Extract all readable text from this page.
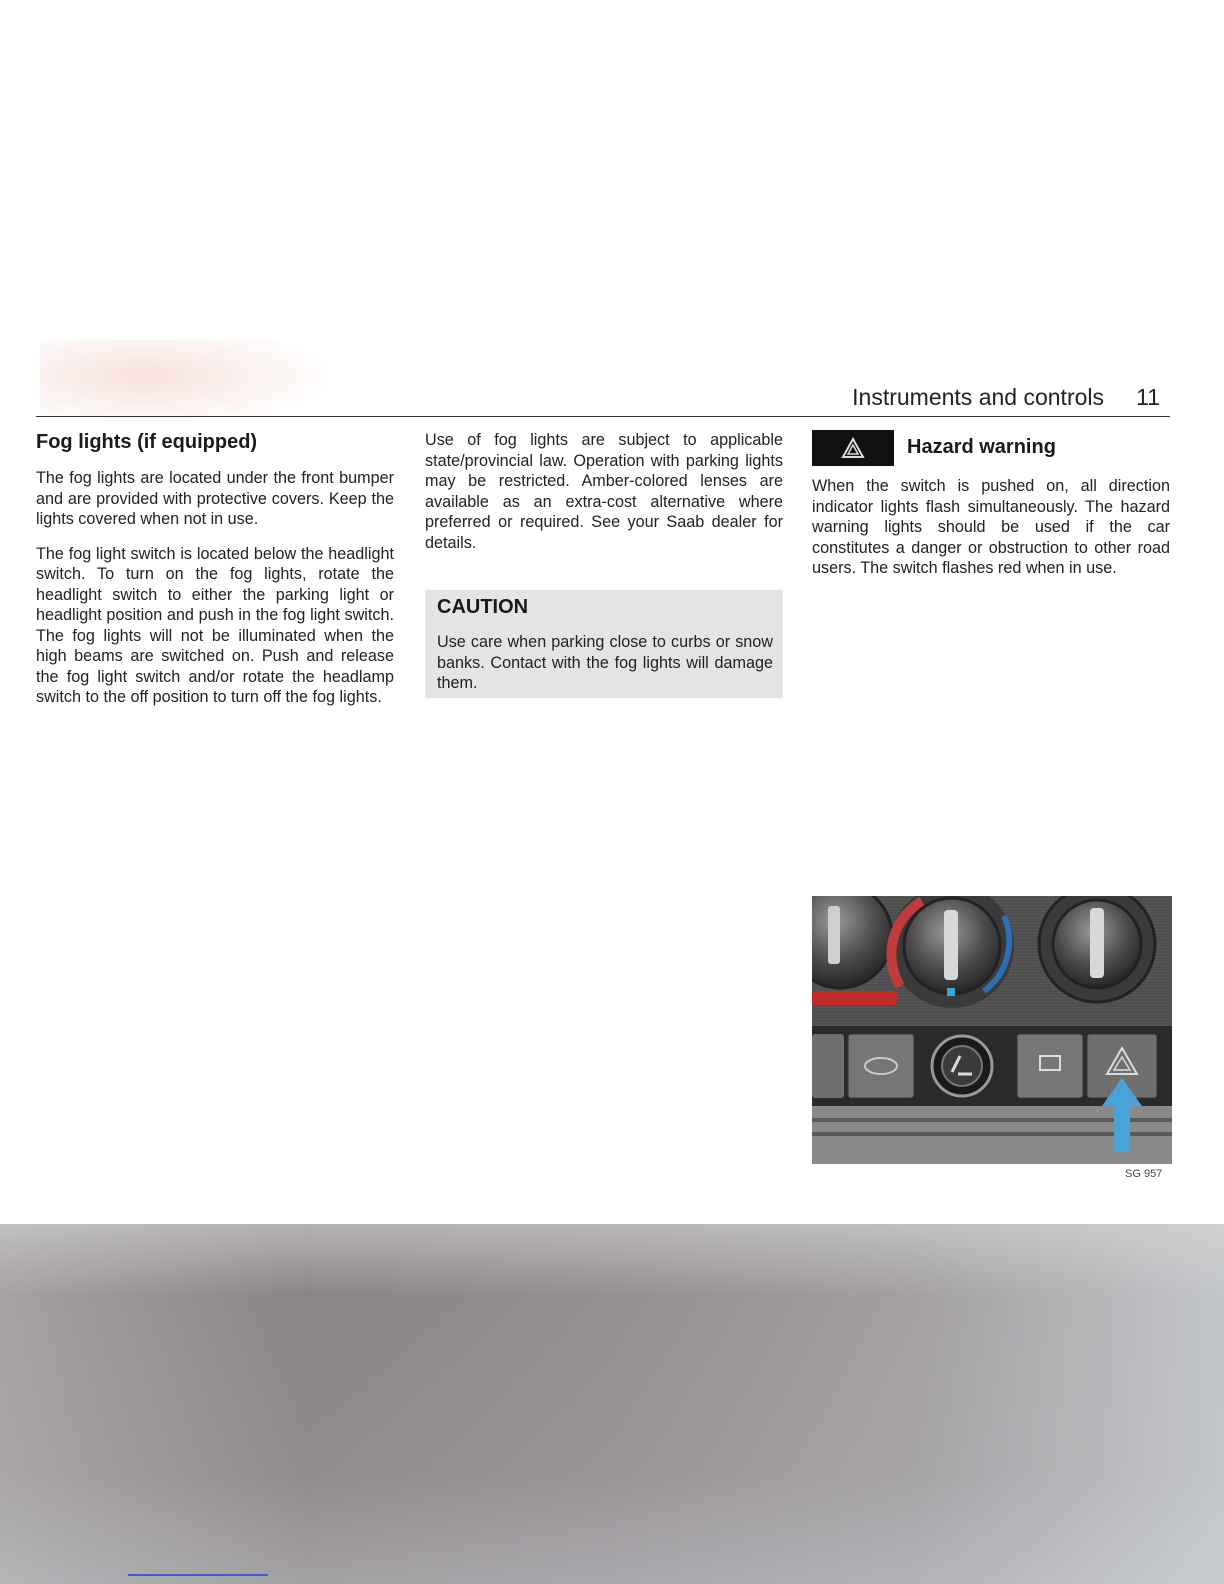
Instruments and controls 11
Fog lights (if equipped)

The fog lights are located under the front bumper and are provided with protective covers. Keep the lights covered when not in use.

The fog light switch is located below the headlight switch. To turn on the fog lights, rotate the headlight switch to either the parking light or headlight position and push in the fog light switch. The fog lights will not be illuminated when the high beams are switched on. Push and release the fog light switch and/or rotate the headlamp switch to the off position to turn off the fog lights.

Use of fog lights are subject to applicable state/provincial law. Operation with parking lights may be restricted. Amber-colored lenses are available as an extra-cost alternative where preferred or required. See your Saab dealer for details.

CAUTION

Use care when parking close to curbs or snow banks. Contact with the fog lights will damage them.

Hazard warning

When the switch is pushed on, all direction indicator lights flash simultaneously. The hazard warning lights should be used if the car constitutes a danger or obstruction to other road users. The switch flashes red when in use.

SG 957
